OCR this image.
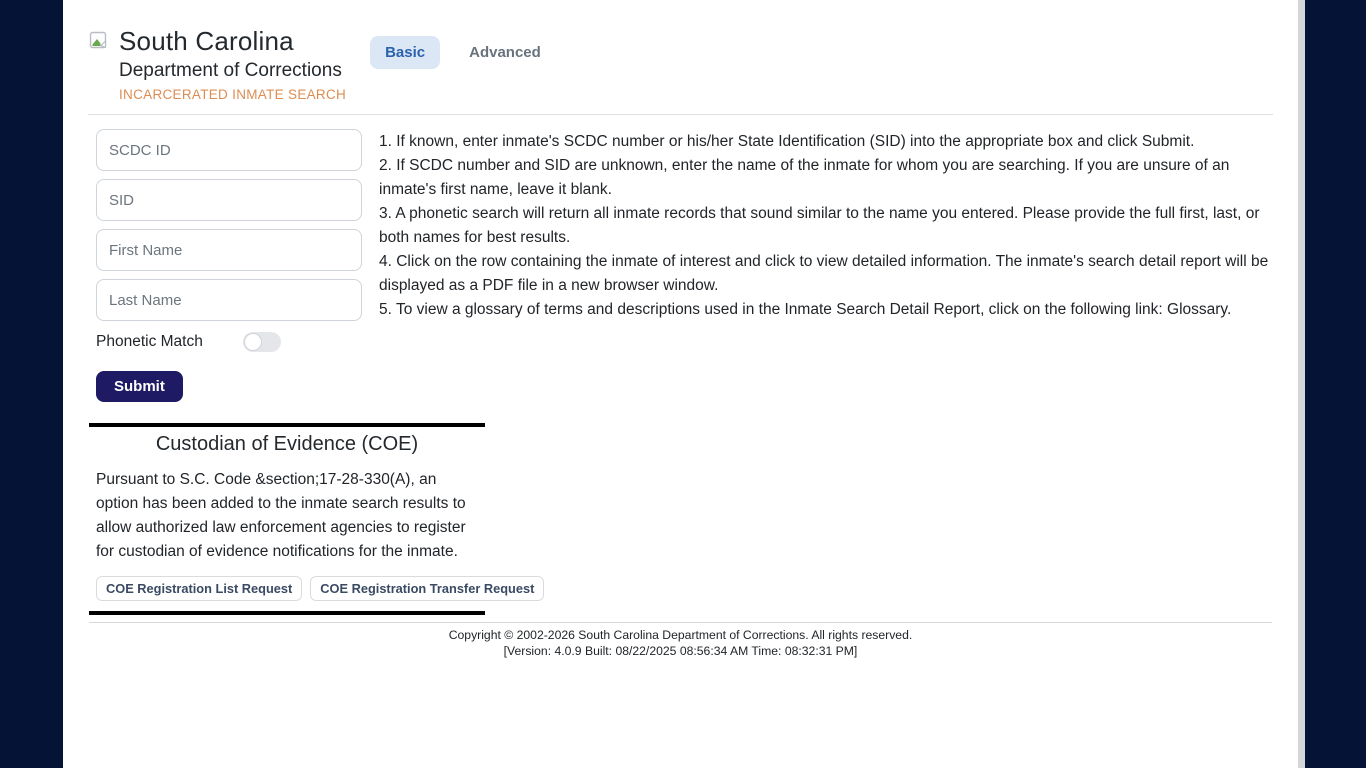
South Carolina
Department of Corrections
INCARCERATED INMATE SEARCH
Basic	Advanced
SCDC ID
SID
First Name
Last Name
Phonetic Match
Submit
Custodian of Evidence (COE)
Pursuant to S.C. Code &section;17-28-330(A), an option has been added to the inmate search results to allow authorized law enforcement agencies to register for custodian of evidence notifications for the inmate.
COE Registration List Request	COE Registration Transfer Request

1. If known, enter inmate's SCDC number or his/her State Identification (SID) into the appropriate box and click Submit.

2. If SCDC number and SID are unknown, enter the name of the inmate for whom you are searching. If you are unsure of an inmate's first name, leave it blank.

3. A phonetic search will return all inmate records that sound similar to the name you entered. Please provide the full first, last, or both names for best results.

4. Click on the row containing the inmate of interest and click to view detailed information. The inmate's search detail report will be displayed as a PDF file in a new browser window.

5. To view a glossary of terms and descriptions used in the Inmate Search Detail Report, click on the following link: Glossary.

Copyright © 2002-2026 South Carolina Department of Corrections. All rights reserved.
[Version: 4.0.9 Built: 08/22/2025 08:56:34 AM Time: 08:32:31 PM]
